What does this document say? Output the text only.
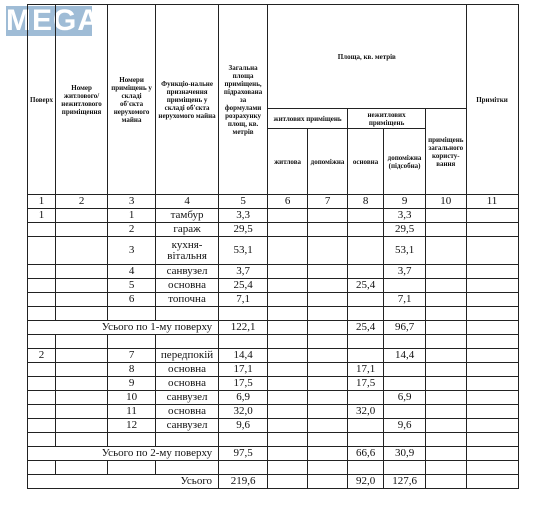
MEGA
Поверх	Номер житлового/ нежитлового приміщення	Номери приміщень у складі об'єкта нерухомого майна	Функціо-нальне призначення приміщень у складі об'єкта нерухомого майна	Загальна площа приміщень, підрахована за формулами розрахунку площ, кв. метрів	Площа, кв. метрів					Примітки

					житлових приміщень		нежитлових приміщень		приміщень загального користу-вання	
					житлова	допоміжна	основна	допоміжна (підсобна)		
1	2	3	4	5	6	7	8	9	10	11
1		1	тамбур	3,3				3,3		
		2	гараж	29,5				29,5		
		3	кухня-вітальня	53,1				53,1		
		4	санвузел	3,7				3,7		
		5	основна	25,4			25,4			
		6	топочна	7,1				7,1		

Усього по 1-му поверху				122,1			25,4	96,7		

2		7	передпокій	14,4				14,4		
		8	основна	17,1			17,1			
		9	основна	17,5			17,5			
		10	санвузел	6,9				6,9		
		11	основна	32,0			32,0			
		12	санвузел	9,6				9,6		

Усього по 2-му поверху				97,5			66,6	30,9		

Усього				219,6			92,0	127,6		
